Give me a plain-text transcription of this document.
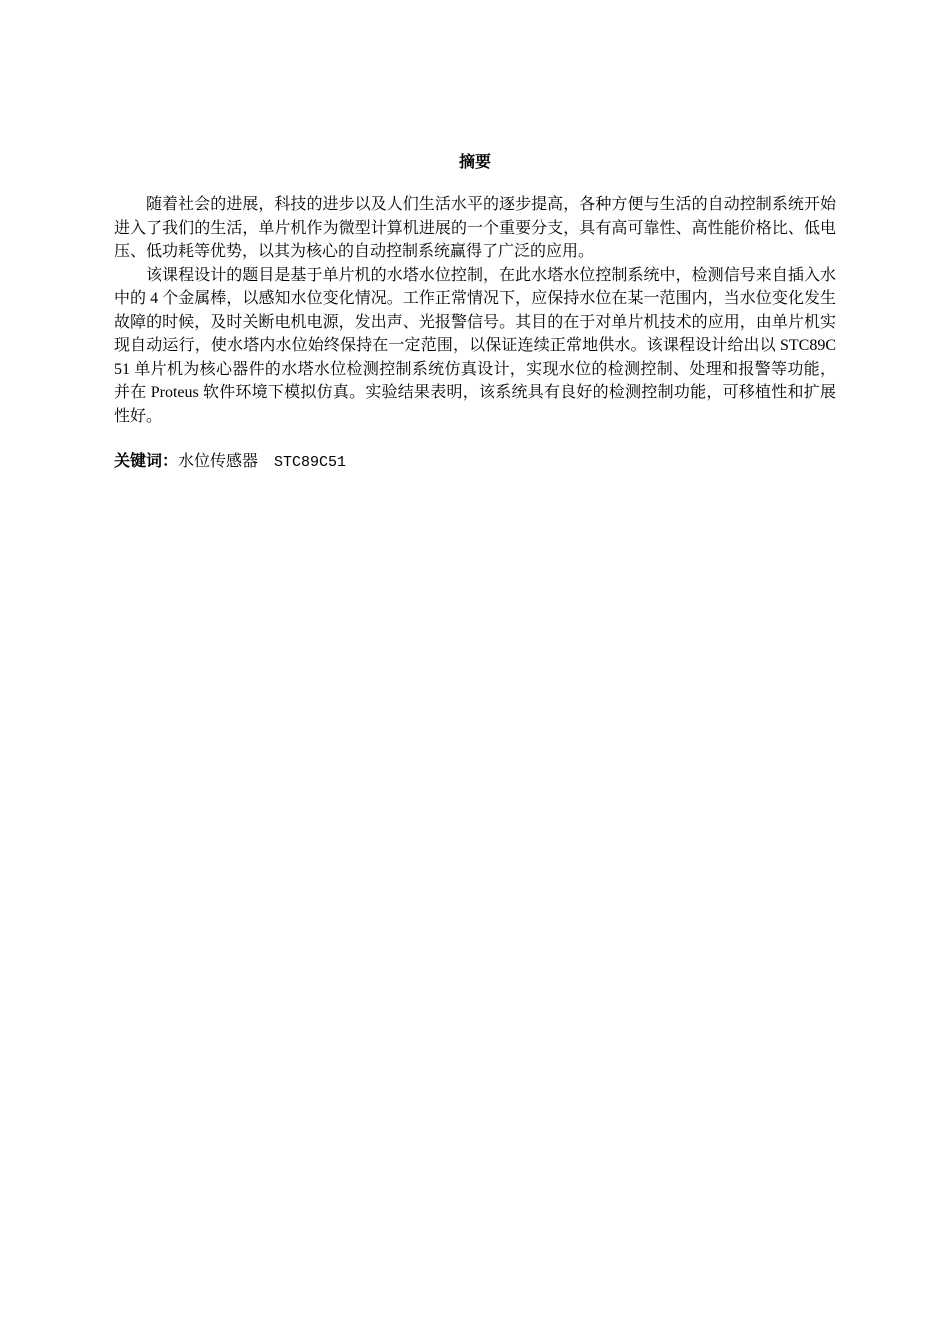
摘要

随着社会的进展，科技的进步以及人们生活水平的逐步提高，各种方便与生活的自动控制系统开始进入了我们的生活，单片机作为微型计算机进展的一个重要分支，具有高可靠性、高性能价格比、低电压、低功耗等优势，以其为核心的自动控制系统赢得了广泛的应用。

该课程设计的题目是基于单片机的水塔水位控制，在此水塔水位控制系统中，检测信号来自插入水中的 4 个金属棒，以感知水位变化情况。工作正常情况下，应保持水位在某一范围内，当水位变化发生故障的时候，及时关断电机电源，发出声、光报警信号。其目的在于对单片机技术的应用，由单片机实现自动运行，使水塔内水位始终保持在一定范围，以保证连续正常地供水。该课程设计给出以 STC89C51 单片机为核心器件的水塔水位检测控制系统仿真设计，实现水位的检测控制、处理和报警等功能，并在 Proteus 软件环境下模拟仿真。实验结果表明，该系统具有良好的检测控制功能，可移植性和扩展性好。

关键词：水位传感器　STC89C51
